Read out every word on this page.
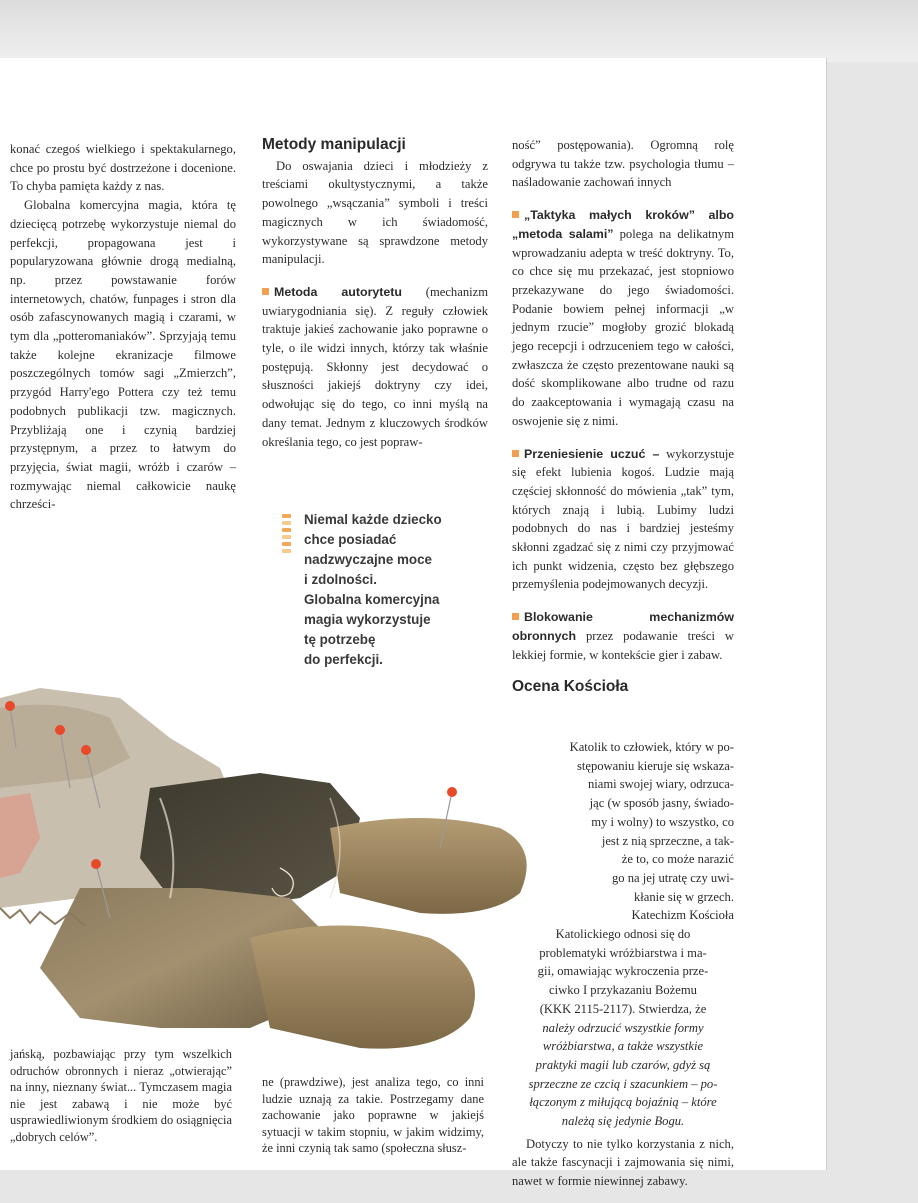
konać czegoś wielkiego i spektakularnego, chce po prostu być dostrzeżone i docenione. To chyba pamięta każdy z nas.

Globalna komercyjna magia, która tę dziecięcą potrzebę wykorzystuje niemal do perfekcji, propagowana jest i popularyzowana głównie drogą medialną, np. przez powstawanie forów internetowych, chatów, funpages i stron dla osób zafascynowanych magią i czarami, w tym dla „potteromaniaków”. Sprzyjają temu także kolejne ekranizacje filmowe poszczególnych tomów sagi „Zmierzch”, przygód Harry'ego Pottera czy też temu podobnych publikacji tzw. magicznych. Przybliżają one i czynią bardziej przystępnym, a przez to łatwym do przyjęcia, świat magii, wróżb i czarów – rozmywając niemal całkowicie naukę chrześci-

Metody manipulacji

Do oswajania dzieci i młodzieży z treściami okultystycznymi, a także powolnego „wsączania” symboli i treści magicznych w ich świadomość, wykorzystywane są sprawdzone metody manipulacji.

Metoda autorytetu (mechanizm uwiarygodniania się). Z reguły człowiek traktuje jakieś zachowanie jako poprawne o tyle, o ile widzi innych, którzy tak właśnie postępują. Skłonny jest decydować o słuszności jakiejś doktryny czy idei, odwołując się do tego, co inni myślą na dany temat. Jednym z kluczowych środków określania tego, co jest popraw-

Niemal każde dziecko
chce posiadać
nadzwyczajne moce
i zdolności.
Globalna komercyjna
magia wykorzystuje
tę potrzebę
do perfekcji.

ność” postępowania). Ogromną rolę odgrywa tu także tzw. psychologia tłumu – naśladowanie zachowań innych

„Taktyka małych kroków” albo „metoda salami” polega na delikatnym wprowadzaniu adepta w treść doktryny. To, co chce się mu przekazać, jest stopniowo przekazywane do jego świadomości. Podanie bowiem pełnej informacji „w jednym rzucie” mogłoby grozić blokadą jego recepcji i odrzuceniem tego w całości, zwłaszcza że często prezentowane nauki są dość skomplikowane albo trudne od razu do zaakceptowania i wymagają czasu na oswojenie się z nimi.

Przeniesienie uczuć – wykorzystuje się efekt lubienia kogoś. Ludzie mają częściej skłonność do mówienia „tak” tym, których znają i lubią. Lubimy ludzi podobnych do nas i bardziej jesteśmy skłonni zgadzać się z nimi czy przyjmować ich punkt widzenia, często bez głębszego przemyślenia podejmowanych decyzji.

Blokowanie mechanizmów obronnych przez podawanie treści w lekkiej formie, w kontekście gier i zabaw.

Ocena Kościoła
Katolik to człowiek, który w po-
stępowaniu kieruje się wskaza-
niami swojej wiary, odrzuca-
jąc (w sposób jasny, świado-
my i wolny) to wszystko, co
jest z nią sprzeczne, a tak-
że to, co może narazić
go na jej utratę czy uwi-
kłanie się w grzech.
Katechizm Kościoła
Katolickiego odnosi się do
problematyki wróżbiarstwa i ma-
gii, omawiając wykroczenia prze-
ciwko I przykazaniu Bożemu
(KKK 2115-2117). Stwierdza, że
należy odrzucić wszystkie formy
wróżbiarstwa, a także wszystkie
praktyki magii lub czarów, gdyż są
sprzeczne ze czcią i szacunkiem – po-
łączonym z miłującą bojaźnią – które
należą się jedynie Bogu.

Dotyczy to nie tylko korzystania z nich, ale także fascynacji i zajmowania się nimi, nawet w formie niewinnej zabawy.

jańską, pozbawiając przy tym wszelkich odruchów obronnych i nieraz „otwierając” na inny, nieznany świat... Tymczasem magia nie jest zabawą i nie może być usprawiedliwionym środkiem do osiągnięcia „dobrych celów”.
ne (prawdziwe), jest analiza tego, co inni ludzie uznają za takie. Postrzegamy dane zachowanie jako poprawne w jakiejś sytuacji w takim stopniu, w jakim widzimy, że inni czynią tak samo (społeczna słusz-
